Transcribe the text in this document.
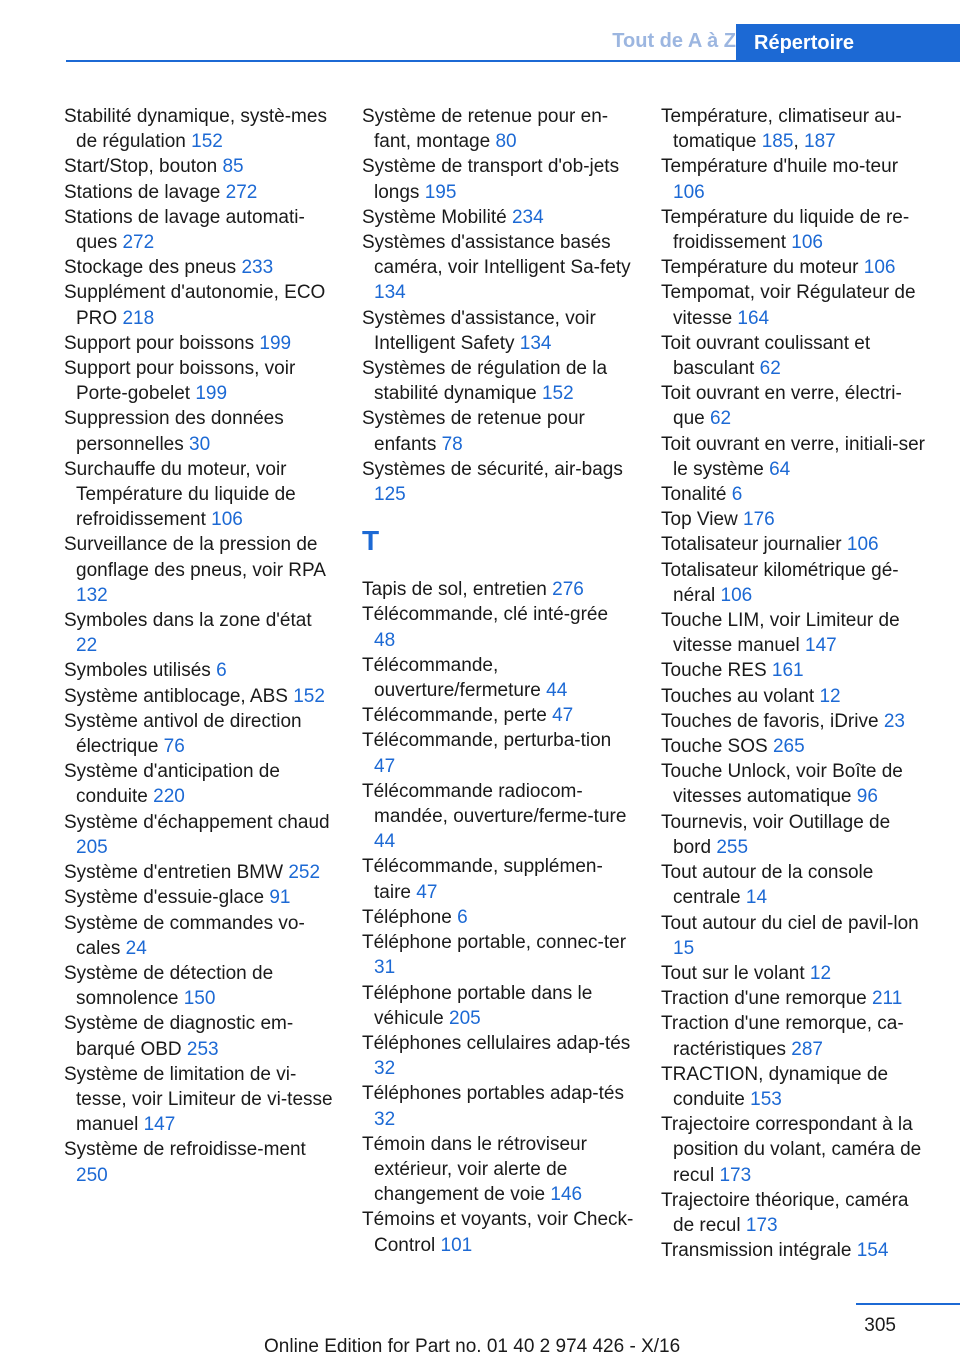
Tout de A à Z Répertoire
Stabilité dynamique, systè-mes de régulation 152
Start/Stop, bouton 85
Stations de lavage 272
Stations de lavage automati-ques 272
Stockage des pneus 233
Supplément d'autonomie, ECO PRO 218
Support pour boissons 199
Support pour boissons, voir Porte-gobelet 199
Suppression des données personnelles 30
Surchauffe du moteur, voir Température du liquide de refroidissement 106
Surveillance de la pression de gonflage des pneus, voir RPA 132
Symboles dans la zone d'état 22
Symboles utilisés 6
Système antiblocage, ABS 152
Système antivol de direction électrique 76
Système d'anticipation de conduite 220
Système d'échappement chaud 205
Système d'entretien BMW 252
Système d'essuie-glace 91
Système de commandes vo-cales 24
Système de détection de somnolence 150
Système de diagnostic em-barqué OBD 253
Système de limitation de vi-tesse, voir Limiteur de vi-tesse manuel 147
Système de refroidisse-ment 250
Système de retenue pour en-fant, montage 80
Système de transport d'ob-jets longs 195
Système Mobilité 234
Systèmes d'assistance basés caméra, voir Intelligent Sa-fety 134
Systèmes d'assistance, voir Intelligent Safety 134
Systèmes de régulation de la stabilité dynamique 152
Systèmes de retenue pour enfants 78
Systèmes de sécurité, air-bags 125
T
Tapis de sol, entretien 276
Télécommande, clé inté-grée 48
Télécommande, ouverture/fermeture 44
Télécommande, perte 47
Télécommande, perturba-tion 47
Télécommande radiocom-mandée, ouverture/ferme-ture 44
Télécommande, supplémen-taire 47
Téléphone 6
Téléphone portable, connec-ter 31
Téléphone portable dans le véhicule 205
Téléphones cellulaires adap-tés 32
Téléphones portables adap-tés 32
Témoin dans le rétroviseur extérieur, voir alerte de changement de voie 146
Témoins et voyants, voir Check-Control 101
Température, climatiseur au-tomatique 185, 187
Température d'huile mo-teur 106
Température du liquide de re-froidissement 106
Température du moteur 106
Tempomat, voir Régulateur de vitesse 164
Toit ouvrant coulissant et basculant 62
Toit ouvrant en verre, électri-que 62
Toit ouvrant en verre, initiali-ser le système 64
Tonalité 6
Top View 176
Totalisateur journalier 106
Totalisateur kilométrique gé-néral 106
Touche LIM, voir Limiteur de vitesse manuel 147
Touche RES 161
Touches au volant 12
Touches de favoris, iDrive 23
Touche SOS 265
Touche Unlock, voir Boîte de vitesses automatique 96
Tournevis, voir Outillage de bord 255
Tout autour de la console centrale 14
Tout autour du ciel de pavil-lon 15
Tout sur le volant 12
Traction d'une remorque 211
Traction d'une remorque, ca-ractéristiques 287
TRACTION, dynamique de conduite 153
Trajectoire correspondant à la position du volant, caméra de recul 173
Trajectoire théorique, caméra de recul 173
Transmission intégrale 154
305
Online Edition for Part no. 01 40 2 974 426 - X/16
